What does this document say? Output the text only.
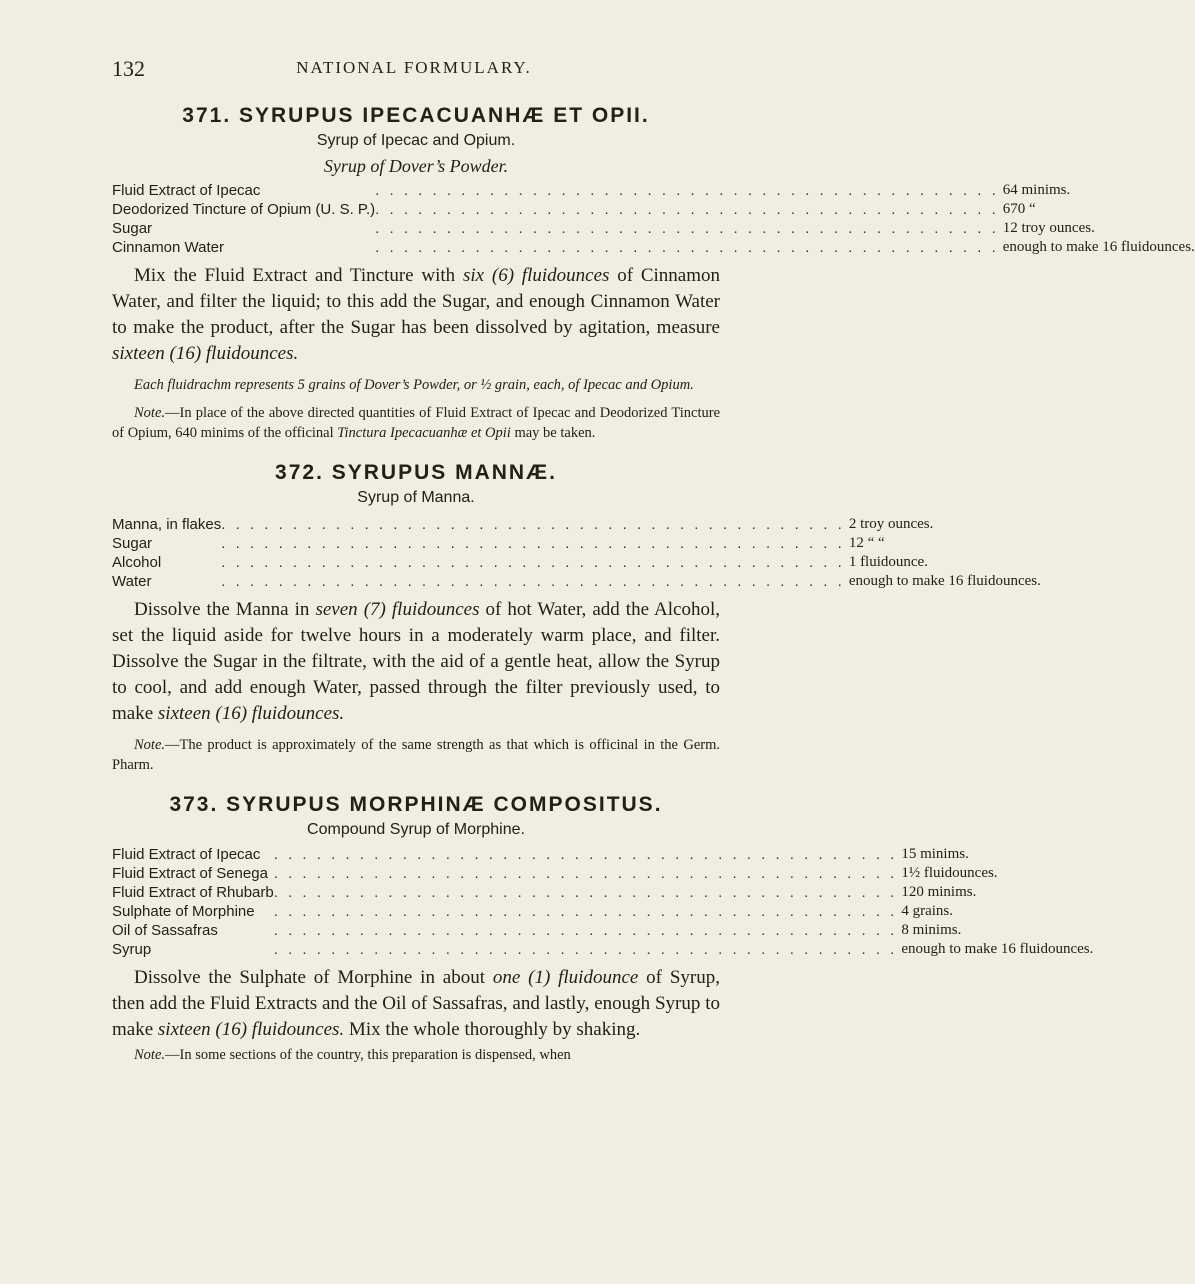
132	NATIONAL FORMULARY.
371. SYRUPUS IPECACUANHÆ ET OPII.

Syrup of Ipecac and Opium.

Syrup of Dover’s Powder.

Fluid Extract of Ipecac	. . . . . . . . . . . . . . . . . . . . . . . . . . . . . . . . . . . . . . . . . . . .	64 minims.
Deodorized Tincture of Opium (U. S. P.)	. . . . . . . . . . . . . . . . . . . . . . . . . . . . . . . . . . . . . . . . . . . .	670 “
Sugar	. . . . . . . . . . . . . . . . . . . . . . . . . . . . . . . . . . . . . . . . . . . .	12 troy ounces.
Cinnamon Water	. . . . . . . . . . . . . . . . . . . . . . . . . . . . . . . . . . . . . . . . . . . .	enough to make 16 fluidounces.

Mix the Fluid Extract and Tincture with six (6) fluidounces of Cinnamon Water, and filter the liquid; to this add the Sugar, and enough Cinnamon Water to make the product, after the Sugar has been dissolved by agitation, measure sixteen (16) fluidounces.

Each fluidrachm represents 5 grains of Dover’s Powder, or ½ grain, each, of Ipecac and Opium.

Note.—In place of the above directed quantities of Fluid Extract of Ipecac and Deodorized Tincture of Opium, 640 minims of the officinal Tinctura Ipecacuanhæ et Opii may be taken.

372. SYRUPUS MANNÆ.

Syrup of Manna.

Manna, in flakes	. . . . . . . . . . . . . . . . . . . . . . . . . . . . . . . . . . . . . . . . . . . .	2 troy ounces.
Sugar	. . . . . . . . . . . . . . . . . . . . . . . . . . . . . . . . . . . . . . . . . . . .	12 “ “
Alcohol	. . . . . . . . . . . . . . . . . . . . . . . . . . . . . . . . . . . . . . . . . . . .	1 fluidounce.
Water	. . . . . . . . . . . . . . . . . . . . . . . . . . . . . . . . . . . . . . . . . . . .	enough to make 16 fluidounces.

Dissolve the Manna in seven (7) fluidounces of hot Water, add the Alcohol, set the liquid aside for twelve hours in a moderately warm place, and filter. Dissolve the Sugar in the filtrate, with the aid of a gentle heat, allow the Syrup to cool, and add enough Water, passed through the filter previously used, to make sixteen (16) fluidounces.

Note.—The product is approximately of the same strength as that which is officinal in the Germ. Pharm.

373. SYRUPUS MORPHINÆ COMPOSITUS.

Compound Syrup of Morphine.

Fluid Extract of Ipecac	. . . . . . . . . . . . . . . . . . . . . . . . . . . . . . . . . . . . . . . . . . . .	15 minims.
Fluid Extract of Senega	. . . . . . . . . . . . . . . . . . . . . . . . . . . . . . . . . . . . . . . . . . . .	1½ fluidounces.
Fluid Extract of Rhubarb	. . . . . . . . . . . . . . . . . . . . . . . . . . . . . . . . . . . . . . . . . . . .	120 minims.
Sulphate of Morphine	. . . . . . . . . . . . . . . . . . . . . . . . . . . . . . . . . . . . . . . . . . . .	4 grains.
Oil of Sassafras	. . . . . . . . . . . . . . . . . . . . . . . . . . . . . . . . . . . . . . . . . . . .	8 minims.
Syrup	. . . . . . . . . . . . . . . . . . . . . . . . . . . . . . . . . . . . . . . . . . . .	enough to make 16 fluidounces.

Dissolve the Sulphate of Morphine in about one (1) fluidounce of Syrup, then add the Fluid Extracts and the Oil of Sassafras, and lastly, enough Syrup to make sixteen (16) fluidounces. Mix the whole thoroughly by shaking.

Note.—In some sections of the country, this preparation is dispensed, when
